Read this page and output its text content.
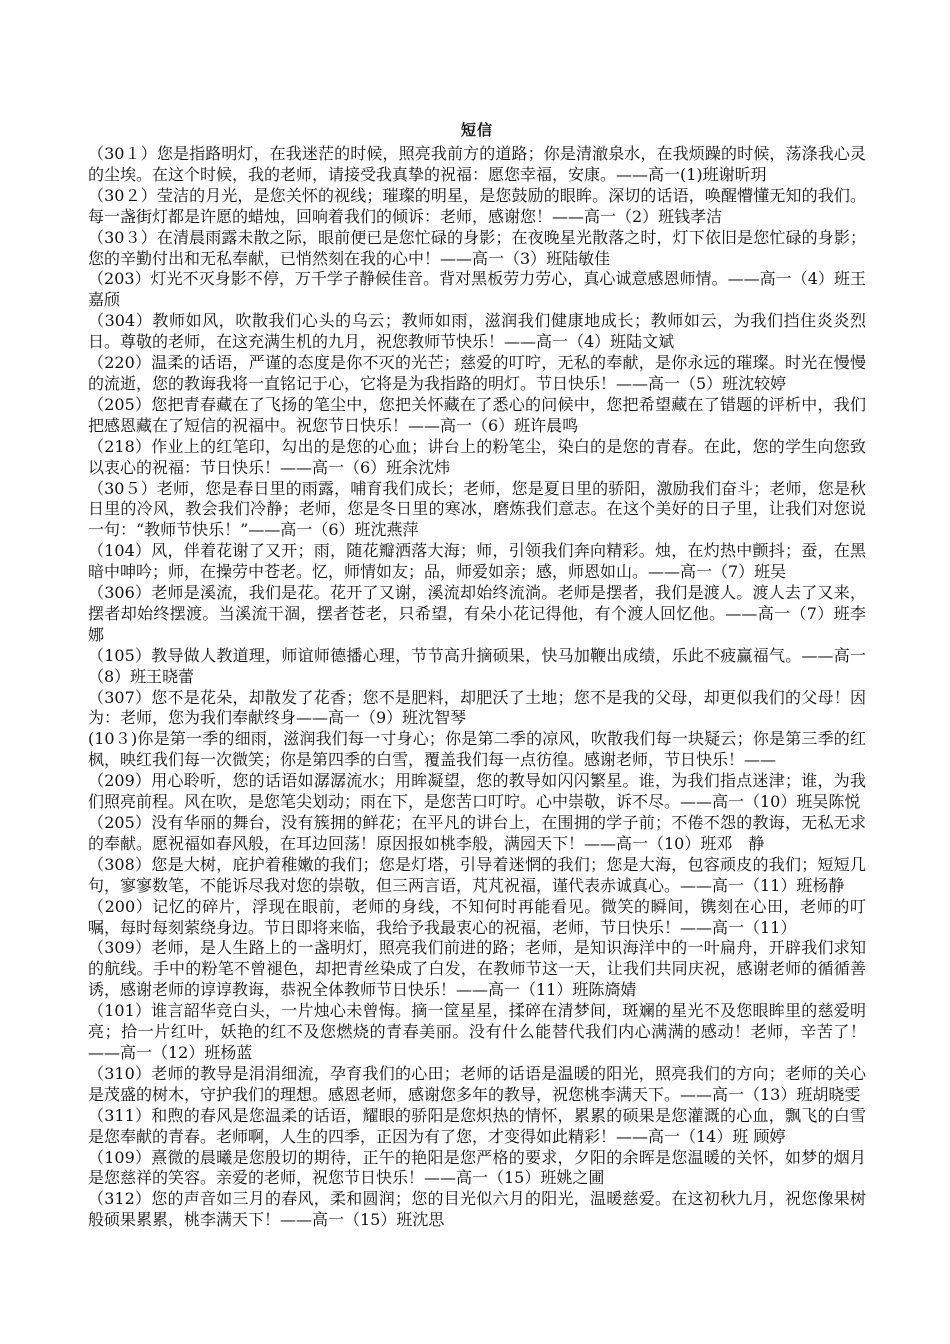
短信

（30１）您是指路明灯，在我迷茫的时候，照亮我前方的道路；你是清澈泉水，在我烦躁的时候，荡涤我心灵的尘埃。在这个时候，我的老师，请接受我真挚的祝福：愿您幸福，安康。——高一(1)班谢昕玥

（30２）莹洁的月光，是您关怀的视线；璀璨的明星，是您鼓励的眼眸。深切的话语，唤醒懵懂无知的我们。每一盏街灯都是许愿的蜡烛，回响着我们的倾诉：老师，感谢您！——高一（2）班钱孝洁

（30３）在清晨雨露未散之际，眼前便已是您忙碌的身影；在夜晚星光散落之时，灯下依旧是您忙碌的身影；您的辛勤付出和无私奉献，已悄然刻在我的心中！——高一（3）班陆敏佳

（203）灯光不灭身影不停，万千学子静候佳音。背对黑板劳力劳心，真心诚意感恩师情。——高一（4）班王嘉颀

（304）教师如风，吹散我们心头的乌云；教师如雨，滋润我们健康地成长；教师如云，为我们挡住炎炎烈日。尊敬的老师，在这充满生机的九月，祝您教师节快乐！——高一（4）班陆文斌

（220）温柔的话语，严谨的态度是你不灭的光芒；慈爱的叮咛，无私的奉献，是你永远的璀璨。时光在慢慢的流逝，您的教诲我将一直铭记于心，它将是为我指路的明灯。节日快乐！——高一（5）班沈较婷

（205）您把青春藏在了飞扬的笔尘中，您把关怀藏在了悉心的问候中，您把希望藏在了错题的评析中，我们把感恩藏在了短信的祝福中。祝您节日快乐！——高一（6）班许晨鸣

（218）作业上的红笔印，勾出的是您的心血；讲台上的粉笔尘，染白的是您的青春。在此，您的学生向您致以衷心的祝福：节日快乐！——高一（6）班余沈炜

（30５）老师，您是春日里的雨露，哺育我们成长；老师，您是夏日里的骄阳，激励我们奋斗；老师，您是秋日里的冷风，教会我们冷静；老师，您是冬日里的寒冰，磨炼我们意志。在这个美好的日子里，让我们对您说一句：“教师节快乐！”——高一（6）班沈燕萍

（104）风，伴着花谢了又开；雨，随花瓣洒落大海；师，引领我们奔向精彩。烛，在灼热中颤抖；蚕，在黑暗中呻吟；师，在操劳中苍老。忆，师情如友；品，师爱如亲；感，师恩如山。——高一（7）班吴

（306）老师是溪流，我们是花。花开了又谢，溪流却始终流淌。老师是摆者，我们是渡人。渡人去了又来，摆者却始终摆渡。当溪流干涸，摆者苍老，只希望，有朵小花记得他，有个渡人回忆他。——高一（7）班李娜

（105）教导做人教道理，师谊师德播心理，节节高升摘硕果，快马加鞭出成绩，乐此不疲赢福气。——高一（8）班王晓蕾

（307）您不是花朵，却散发了花香；您不是肥料，却肥沃了土地；您不是我的父母，却更似我们的父母！因为：老师，您为我们奉献终身——高一（9）班沈智琴

(10３)你是第一季的细雨，滋润我们每一寸身心；你是第二季的凉风，吹散我们每一块疑云；你是第三季的红枫，映红我们每一次微笑；你是第四季的白雪，覆盖我们每一点彷徨。感谢老师，节日快乐！——

（209）用心聆听，您的话语如潺潺流水；用眸凝望，您的教导如闪闪繁星。谁，为我们指点迷津；谁，为我们照亮前程。风在吹，是您笔尖划动；雨在下，是您苦口叮咛。心中崇敬，诉不尽。——高一（10）班吴陈悦

（205）没有华丽的舞台，没有簇拥的鲜花；在平凡的讲台上，在围拥的学子前；不倦不怨的教诲，无私无求的奉献。愿祝福如春风般，在耳边回荡！原因报如桃李般，满园天下！——高一（10）班邓　静

（308）您是大树，庇护着稚嫩的我们；您是灯塔，引导着迷惘的我们；您是大海，包容顽皮的我们；短短几句，寥寥数笔，不能诉尽我对您的崇敬，但三两言语，芃芃祝福，谨代表赤诚真心。——高一（11）班杨静

（200）记忆的碎片，浮现在眼前，老师的身线，不知何时再能看见。微笑的瞬间，镌刻在心田，老师的叮嘱，每时每刻萦绕身边。节日即将来临，我给予我最衷心的祝福，老师，节日快乐！——高一（11）

（309）老师，是人生路上的一盏明灯，照亮我们前进的路；老师，是知识海洋中的一叶扁舟，开辟我们求知的航线。手中的粉笔不曾褪色，却把青丝染成了白发，在教师节这一天，让我们共同庆祝，感谢老师的循循善诱，感谢老师的谆谆教诲，恭祝全体教师节日快乐！——高一（11）班陈旖婧

（101）谁言韶华竞白头，一片烛心未曾悔。摘一筐星星，揉碎在清梦间，斑斓的星光不及您眼眸里的慈爱明亮；拾一片红叶，妖艳的红不及您燃烧的青春美丽。没有什么能替代我们内心满满的感动！老师，辛苦了！——高一（12）班杨蓝

（310）老师的教导是涓涓细流，孕育我们的心田；老师的话语是温暖的阳光，照亮我们的方向；老师的关心是茂盛的树木，守护我们的理想。感恩老师，感谢您多年的教导，祝您桃李满天下。——高一（13）班胡晓雯

（311）和煦的春风是您温柔的话语，耀眼的骄阳是您炽热的情怀，累累的硕果是您灌溉的心血，飘飞的白雪是您奉献的青春。老师啊，人生的四季，正因为有了您，才变得如此精彩！——高一（14）班 顾婷

（109）熹微的晨曦是您殷切的期待，正午的艳阳是您严格的要求，夕阳的余晖是您温暖的关怀，如梦的烟月是您慈祥的笑容。亲爱的老师，祝您节日快乐！——高一（15）班姚之圃

（312）您的声音如三月的春风，柔和圆润；您的目光似六月的阳光，温暖慈爱。在这初秋九月，祝您像果树般硕果累累，桃李满天下！——高一（15）班沈思
